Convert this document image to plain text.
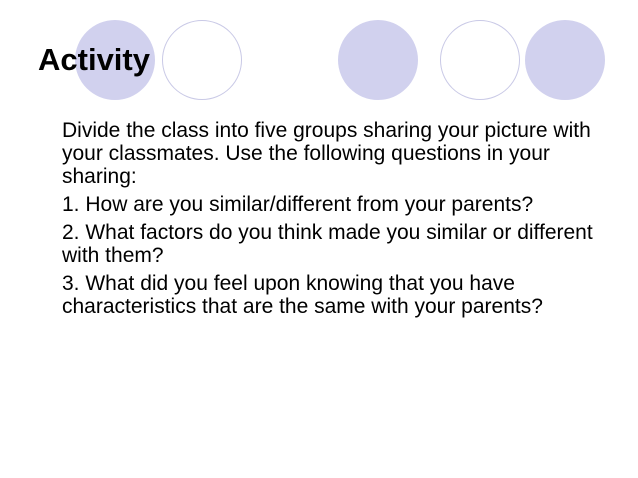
Activity

Divide the class into five groups sharing your picture with your classmates. Use the following questions in your sharing:

1. How are you similar/different from your parents?

2. What factors do you think made you similar or different with them?

3. What did you feel upon knowing that you have characteristics that are the same with your parents?
